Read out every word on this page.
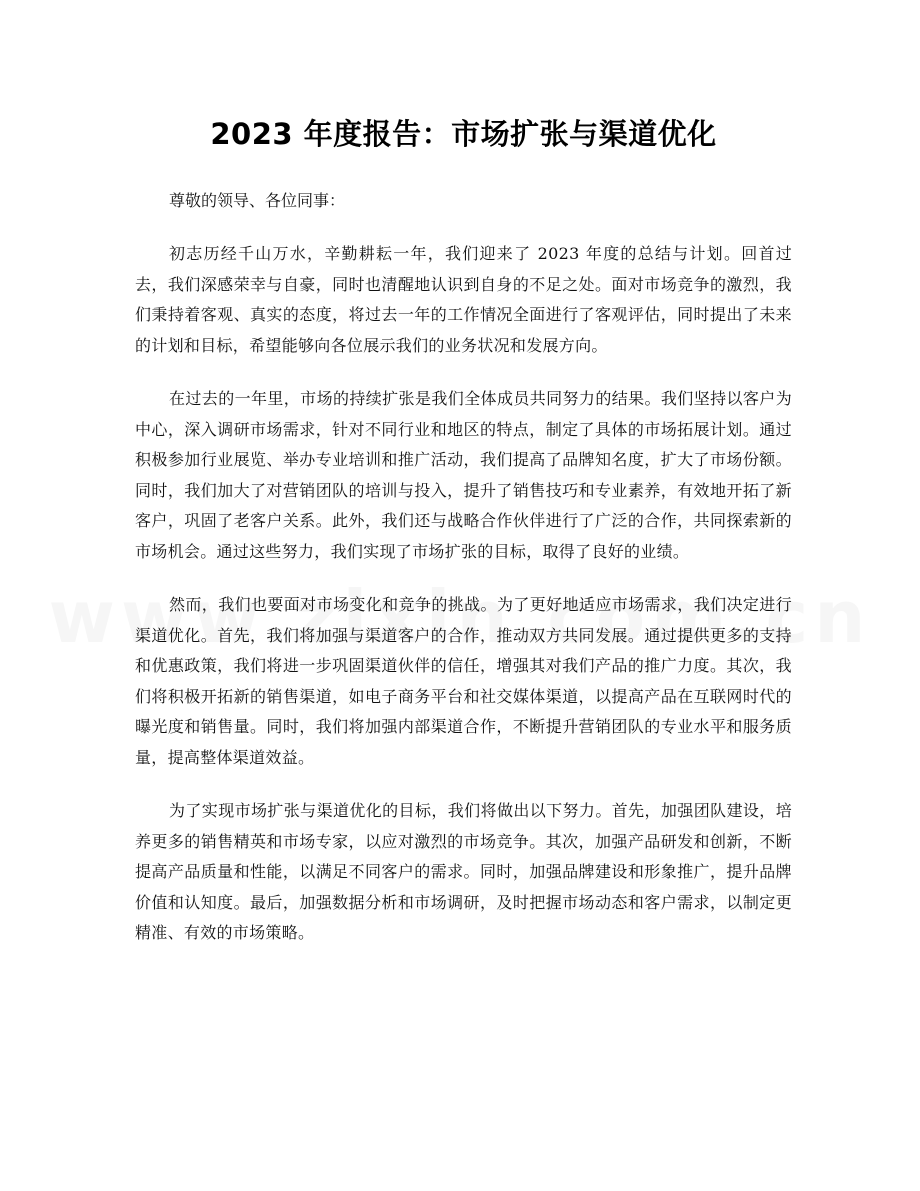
2023 年度报告：市场扩张与渠道优化

尊敬的领导、各位同事：

初志历经千山万水，辛勤耕耘一年，我们迎来了 2023 年度的总结与计划。回首过去，我们深感荣幸与自豪，同时也清醒地认识到自身的不足之处。面对市场竞争的激烈，我们秉持着客观、真实的态度，将过去一年的工作情况全面进行了客观评估，同时提出了未来的计划和目标，希望能够向各位展示我们的业务状况和发展方向。

在过去的一年里，市场的持续扩张是我们全体成员共同努力的结果。我们坚持以客户为中心，深入调研市场需求，针对不同行业和地区的特点，制定了具体的市场拓展计划。通过积极参加行业展览、举办专业培训和推广活动，我们提高了品牌知名度，扩大了市场份额。同时，我们加大了对营销团队的培训与投入，提升了销售技巧和专业素养，有效地开拓了新客户，巩固了老客户关系。此外，我们还与战略合作伙伴进行了广泛的合作，共同探索新的市场机会。通过这些努力，我们实现了市场扩张的目标，取得了良好的业绩。

然而，我们也要面对市场变化和竞争的挑战。为了更好地适应市场需求，我们决定进行渠道优化。首先，我们将加强与渠道客户的合作，推动双方共同发展。通过提供更多的支持和优惠政策，我们将进一步巩固渠道伙伴的信任，增强其对我们产品的推广力度。其次，我们将积极开拓新的销售渠道，如电子商务平台和社交媒体渠道，以提高产品在互联网时代的曝光度和销售量。同时，我们将加强内部渠道合作，不断提升营销团队的专业水平和服务质量，提高整体渠道效益。

为了实现市场扩张与渠道优化的目标，我们将做出以下努力。首先，加强团队建设，培养更多的销售精英和市场专家，以应对激烈的市场竞争。其次，加强产品研发和创新，不断提高产品质量和性能，以满足不同客户的需求。同时，加强品牌建设和形象推广，提升品牌价值和认知度。最后，加强数据分析和市场调研，及时把握市场动态和客户需求，以制定更精准、有效的市场策略。
